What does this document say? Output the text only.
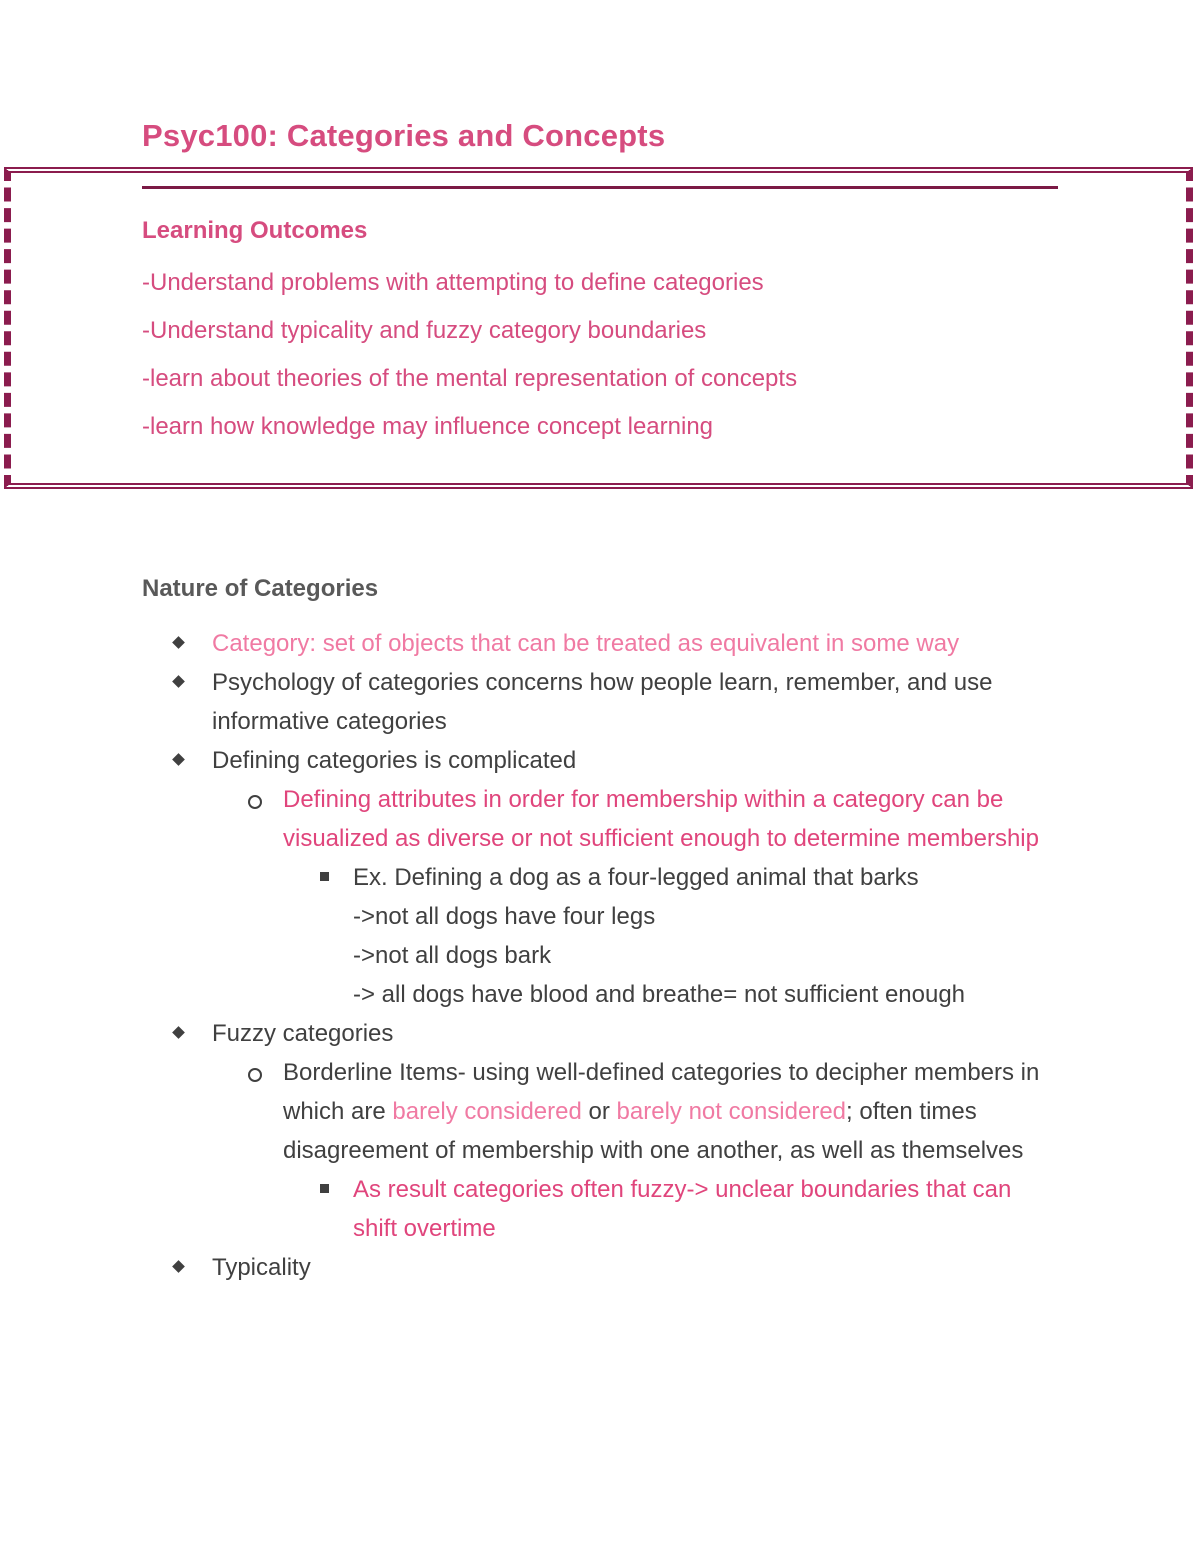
Psyc100: Categories and Concepts
Learning Outcomes
-Understand problems with attempting to define categories
-Understand typicality and fuzzy category boundaries
-learn about theories of the mental representation of concepts
-learn how knowledge may influence concept learning
Nature of Categories
Category: set of objects that can be treated as equivalent in some way
Psychology of categories concerns how people learn, remember, and use informative categories
Defining categories is complicated
Defining attributes in order for membership within a category can be visualized as diverse or not sufficient enough to determine membership
Ex. Defining a dog as a four-legged animal that barks
->not all dogs have four legs
->not all dogs bark
-> all dogs have blood and breathe= not sufficient enough
Fuzzy categories
Borderline Items- using well-defined categories to decipher members in which are barely considered or barely not considered; often times disagreement of membership with one another, as well as themselves
As result categories often fuzzy-> unclear boundaries that can shift overtime
Typicality
